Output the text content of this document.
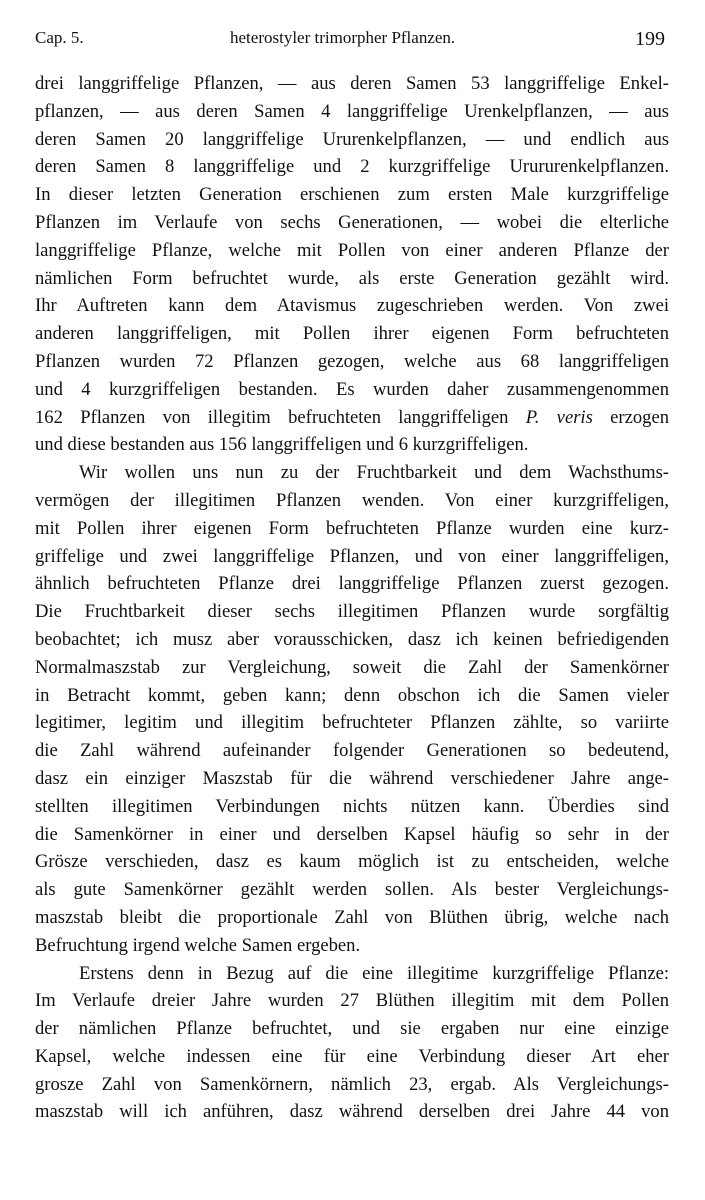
Cap. 5.	heterostyler trimorpher Pflanzen.	199
drei langgriffelige Pflanzen, — aus deren Samen 53 langgriffelige Enkel-
pflanzen, — aus deren Samen 4 langgriffelige Urenkelpflanzen, — aus
deren Samen 20 langgriffelige Ururenkelpflanzen, — und endlich aus
deren Samen 8 langgriffelige und 2 kurzgriffelige Urururenkelpflanzen.
In dieser letzten Generation erschienen zum ersten Male kurzgriffelige
Pflanzen im Verlaufe von sechs Generationen, — wobei die elterliche
langgriffelige Pflanze, welche mit Pollen von einer anderen Pflanze der
nämlichen Form befruchtet wurde, als erste Generation gezählt wird.
Ihr Auftreten kann dem Atavismus zugeschrieben werden. Von zwei
anderen langgriffeligen, mit Pollen ihrer eigenen Form befruchteten
Pflanzen wurden 72 Pflanzen gezogen, welche aus 68 langgriffeligen
und 4 kurzgriffeligen bestanden. Es wurden daher zusammengenommen
162 Pflanzen von illegitim befruchteten langgriffeligen P. veris erzogen
und diese bestanden aus 156 langgriffeligen und 6 kurzgriffeligen.
Wir wollen uns nun zu der Fruchtbarkeit und dem Wachsthums-
vermögen der illegitimen Pflanzen wenden. Von einer kurzgriffeligen,
mit Pollen ihrer eigenen Form befruchteten Pflanze wurden eine kurz-
griffelige und zwei langgriffelige Pflanzen, und von einer langgriffeligen,
ähnlich befruchteten Pflanze drei langgriffelige Pflanzen zuerst gezogen.
Die Fruchtbarkeit dieser sechs illegitimen Pflanzen wurde sorgfältig
beobachtet; ich musz aber vorausschicken, dasz ich keinen befriedigenden
Normalmaszstab zur Vergleichung, soweit die Zahl der Samenkörner
in Betracht kommt, geben kann; denn obschon ich die Samen vieler
legitimer, legitim und illegitim befruchteter Pflanzen zählte, so variirte
die Zahl während aufeinander folgender Generationen so bedeutend,
dasz ein einziger Maszstab für die während verschiedener Jahre ange-
stellten illegitimen Verbindungen nichts nützen kann. Überdies sind
die Samenkörner in einer und derselben Kapsel häufig so sehr in der
Grösze verschieden, dasz es kaum möglich ist zu entscheiden, welche
als gute Samenkörner gezählt werden sollen. Als bester Vergleichungs-
maszstab bleibt die proportionale Zahl von Blüthen übrig, welche nach
Befruchtung irgend welche Samen ergeben.
Erstens denn in Bezug auf die eine illegitime kurzgriffelige Pflanze:
Im Verlaufe dreier Jahre wurden 27 Blüthen illegitim mit dem Pollen
der nämlichen Pflanze befruchtet, und sie ergaben nur eine einzige
Kapsel, welche indessen eine für eine Verbindung dieser Art eher
grosze Zahl von Samenkörnern, nämlich 23, ergab. Als Vergleichungs-
maszstab will ich anführen, dasz während derselben drei Jahre 44 von
